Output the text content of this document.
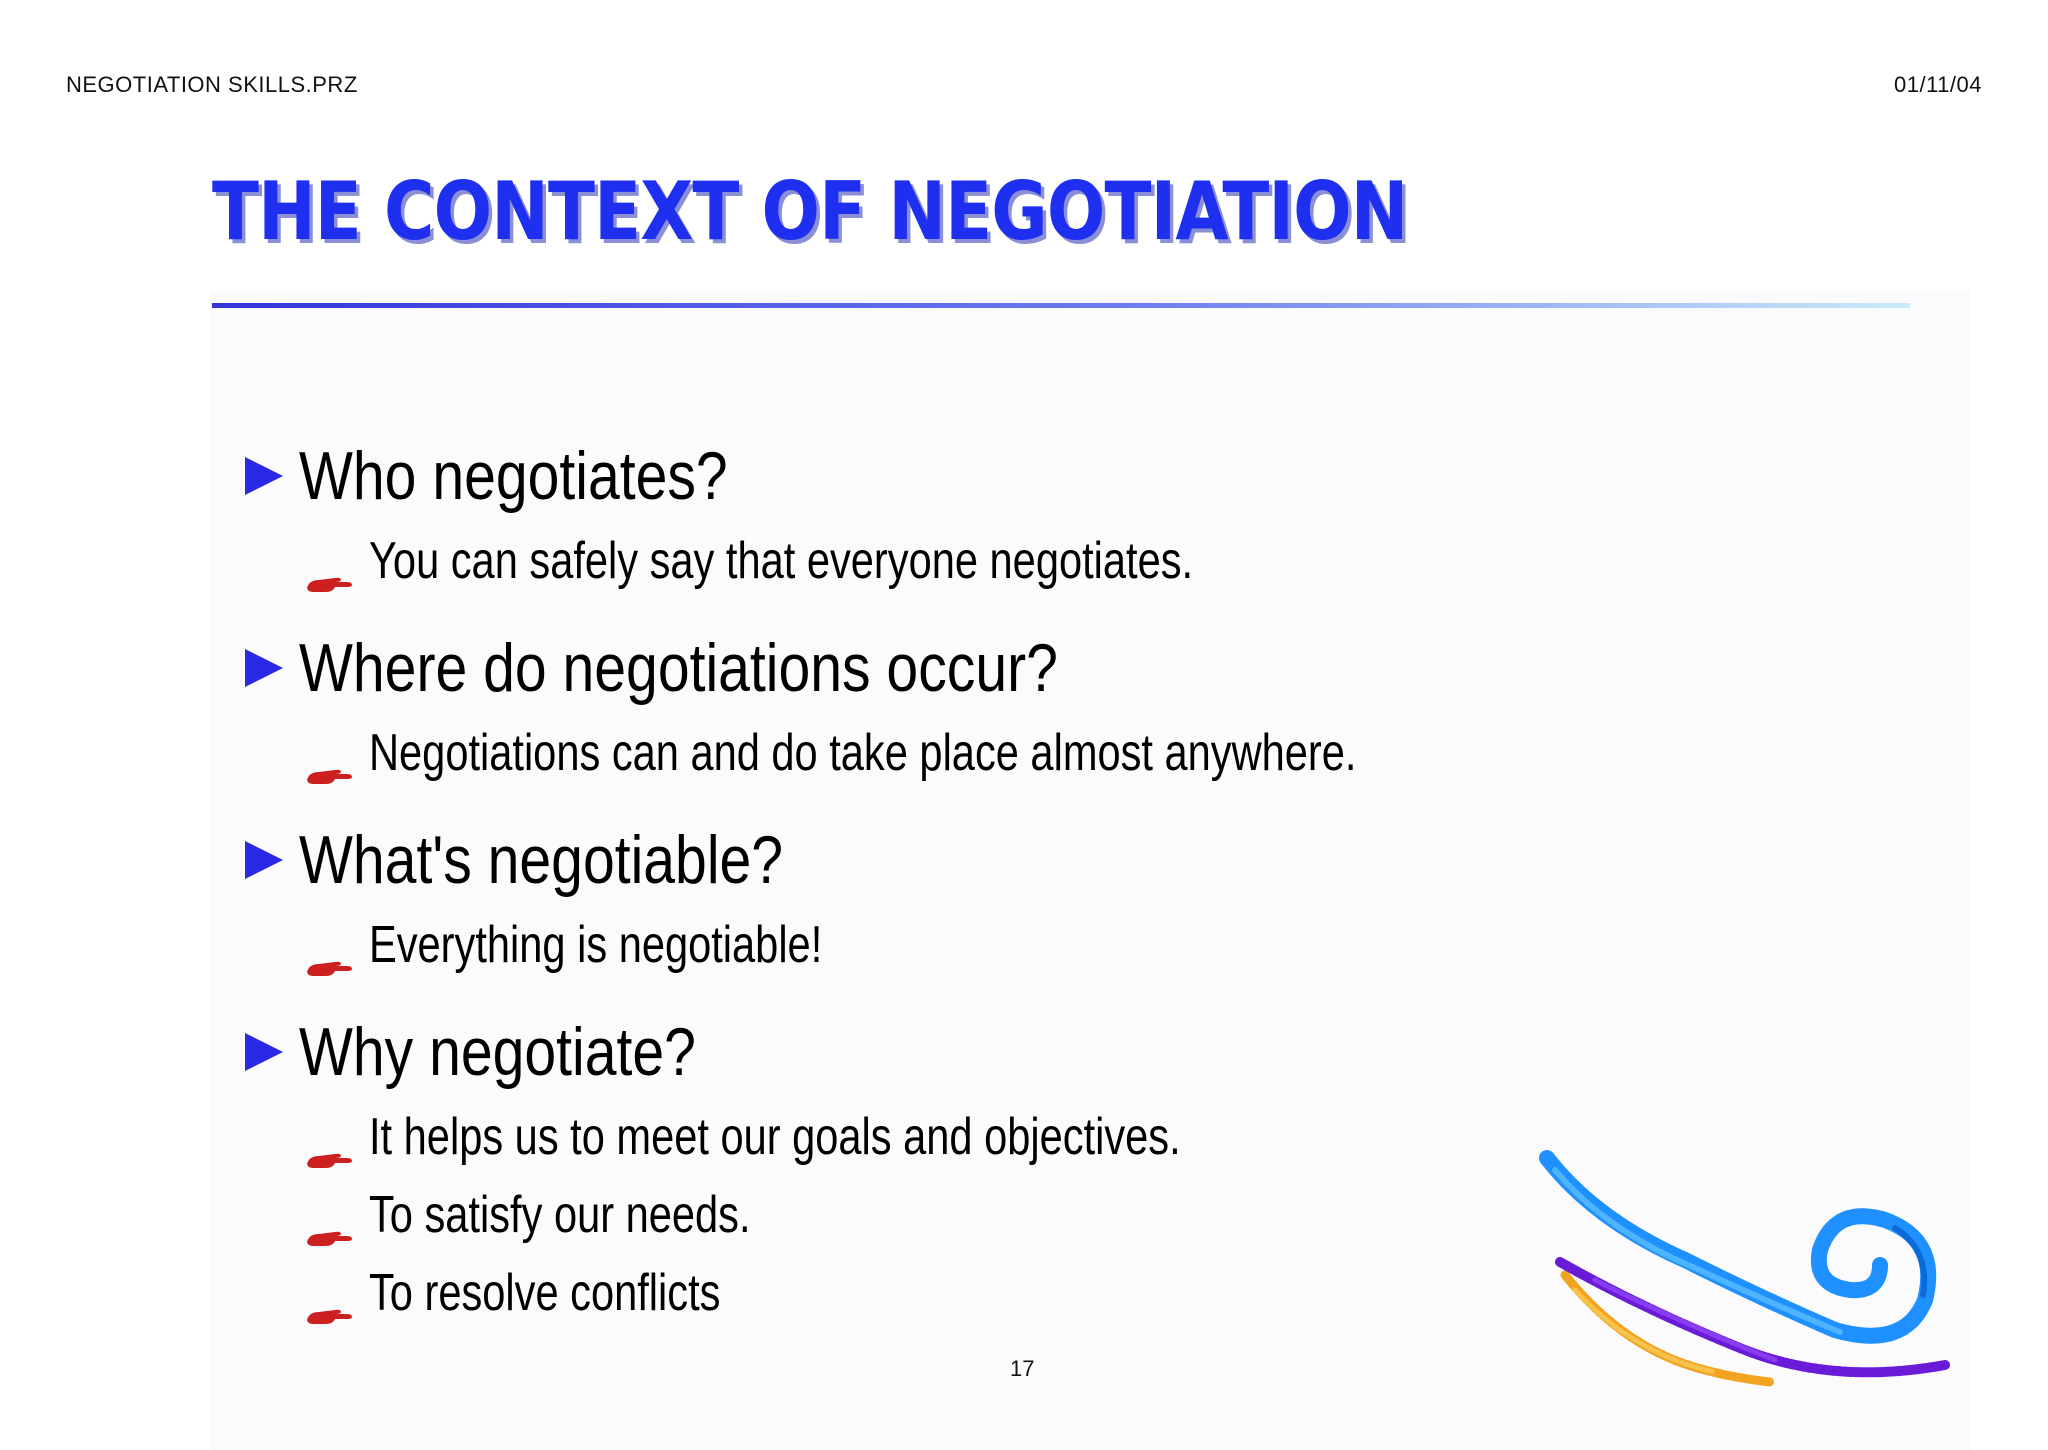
NEGOTIATION SKILLS.PRZ	01/11/04
THE CONTEXT OF NEGOTIATION
Who negotiates?
You can safely say that everyone negotiates.
Where do negotiations occur?
Negotiations can and do take place almost anywhere.
What's negotiable?
Everything is negotiable!
Why negotiate?
It helps us to meet our goals and objectives.
To satisfy our needs.
To resolve conflicts
17
